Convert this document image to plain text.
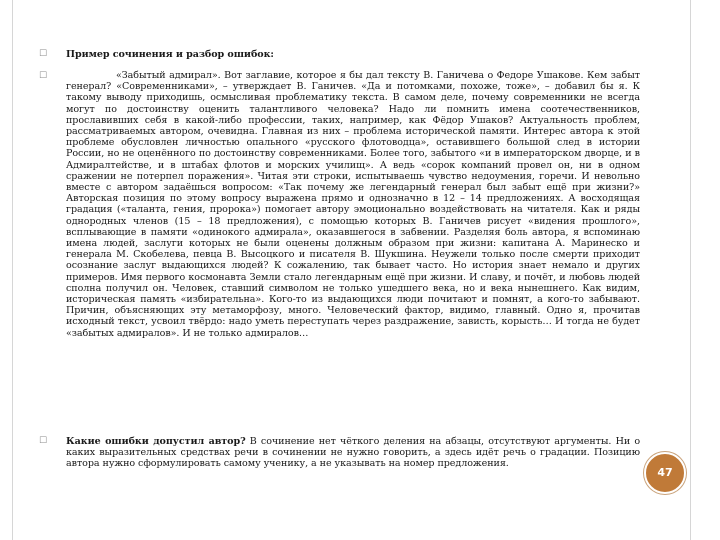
☐ Пример сочинения и разбор ошибок:
☐	«Забытый адмирал». Вот заглавие, которое я бы дал тексту В. Ганичева о Федоре Ушакове. Кем забыт генерал? «Современниками», – утверждает В. Ганичев. «Да и потомками, похоже, тоже», – добавил бы я. К такому выводу приходишь, осмысливая проблематику текста. В самом деле, почему современники не всегда могут по достоинству оценить талантливого человека? Надо ли помнить имена соотечественников, прославивших себя в какой-либо профессии, таких, например, как Фёдор Ушаков? Актуальность проблем, рассматриваемых автором, очевидна. Главная из них – проблема исторической памяти. Интерес автора к этой проблеме обусловлен личностью опального «русского флотоводца», оставившего большой след в истории России, но не оценённого по достоинству современниками. Более того, забытого «и в императорском дворце, и в Адмиралтействе, и в штабах флотов и морских училищ». А ведь «сорок компаний провел он, ни в одном сражении не потерпел поражения». Читая эти строки, испытываешь чувство недоумения, горечи. И невольно вместе с автором задаёшься вопросом: «Так почему же легендарный генерал был забыт ещё при жизни?» Авторская позиция по этому вопросу выражена прямо и однозначно в 12 – 14 предложениях. А восходящая градация («таланта, гения, пророка») помогает автору эмоционально воздействовать на читателя. Как и ряды однородных членов (15 – 18 предложения), с помощью которых В. Ганичев рисует «видения прошлого», всплывающие в памяти «одинокого адмирала», оказавшегося в забвении. Разделяя боль автора, я вспоминаю имена людей, заслуги которых не были оценены должным образом при жизни: капитана А. Маринеско и генерала М. Скобелева, певца В. Высоцкого и писателя В. Шукшина. Неужели только после смерти приходит осознание заслуг выдающихся людей? К сожалению, так бывает часто. Но история знает немало и других примеров. Имя первого космонавта Земли стало легендарным ещё при жизни. И славу, и почёт, и любовь людей сполна получил он. Человек, ставший символом не только ушедшего века, но и века нынешнего. Как видим, историческая память «избирательна». Кого-то из выдающихся люди почитают и помнят, а кого-то забывают. Причин, объясняющих эту метаморфозу, много. Человеческий фактор, видимо, главный. Одно я, прочитав исходный текст, усвоил твёрдо: надо уметь переступать через раздражение, зависть, корысть… И тогда не будет «забытых адмиралов». И не только адмиралов…
☐ Какие ошибки допустил автор? В сочинение нет чёткого деления на абзацы, отсутствуют аргументы. Ни о каких выразительных средствах речи в сочинении не нужно говорить, а здесь идёт речь о градации. Позицию автора нужно сформулировать самому ученику, а не указывать на номер предложения.
47
